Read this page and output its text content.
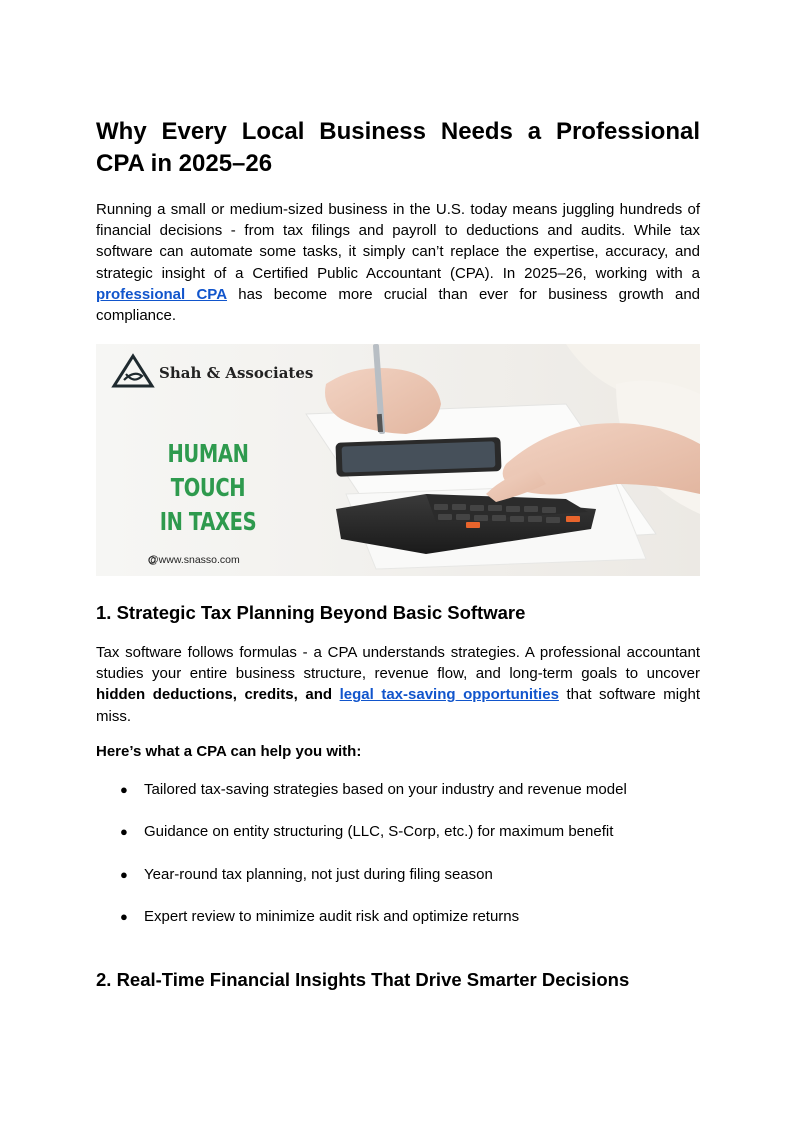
Why Every Local Business Needs a Professional
CPA in 2025–26

Running a small or medium-sized business in the U.S. today means juggling hundreds of financial decisions - from tax filings and payroll to deductions and audits. While tax software can automate some tasks, it simply can’t replace the expertise, accuracy, and strategic insight of a Certified Public Accountant (CPA). In 2025–26, working with a professional CPA has become more crucial than ever for business growth and compliance.

Shah & Associates
HUMAN TOUCH
IN TAXES
@www.snasso.com
1. Strategic Tax Planning Beyond Basic Software

Tax software follows formulas - a CPA understands strategies. A professional accountant studies your entire business structure, revenue flow, and long-term goals to uncover hidden deductions, credits, and legal tax-saving opportunities that software might miss.

Here’s what a CPA can help you with:

● Tailored tax-saving strategies based on your industry and revenue model
● Guidance on entity structuring (LLC, S-Corp, etc.) for maximum benefit
● Year-round tax planning, not just during filing season
● Expert review to minimize audit risk and optimize returns
2. Real-Time Financial Insights That Drive Smarter Decisions
